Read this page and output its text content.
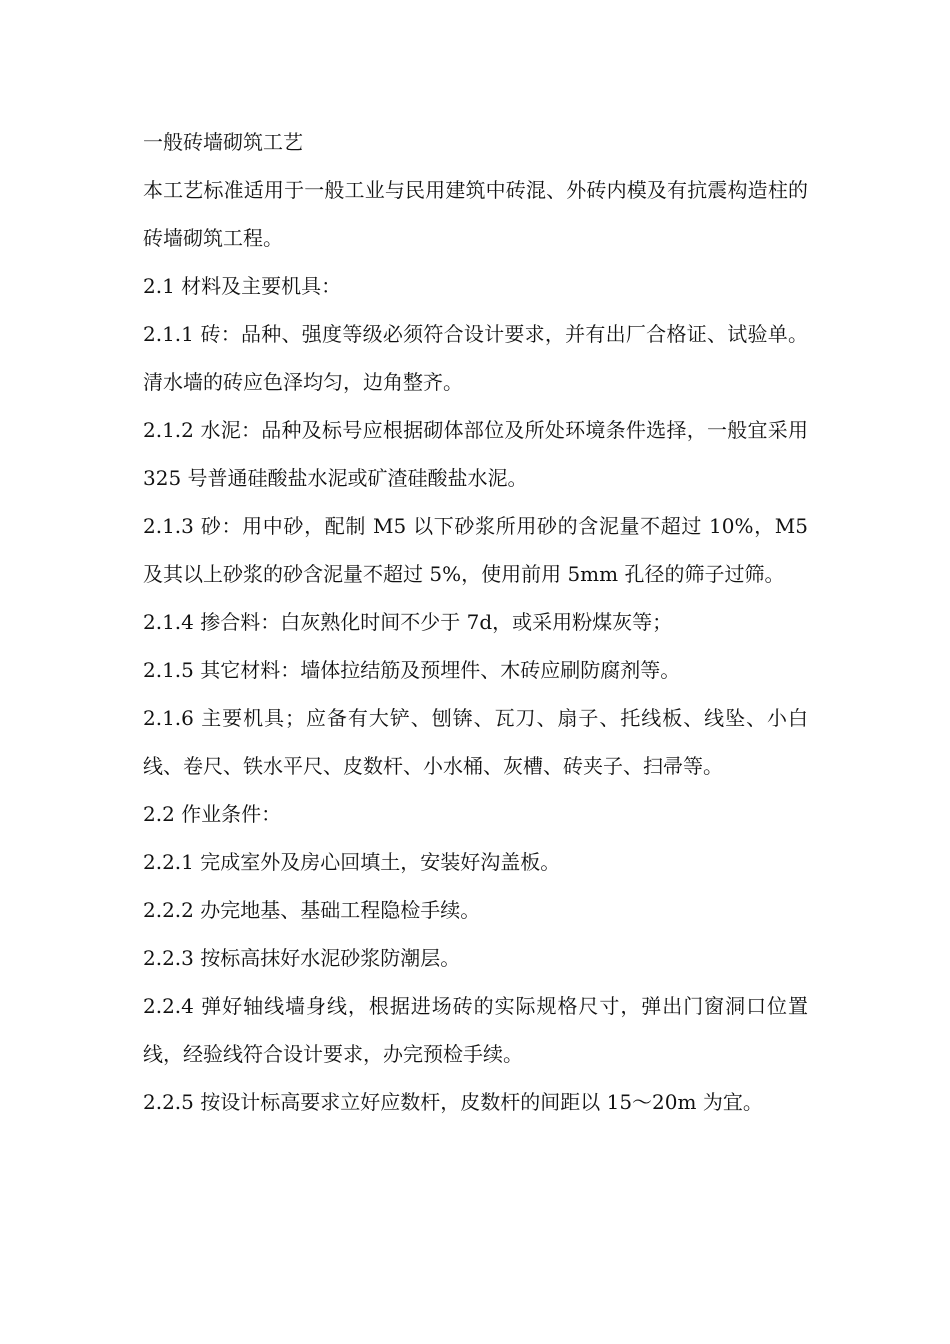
一般砖墙砌筑工艺

本工艺标准适用于一般工业与民用建筑中砖混、外砖内模及有抗震构造柱的砖墙砌筑工程。

2.1 材料及主要机具：

2.1.1 砖：品种、强度等级必须符合设计要求，并有出厂合格证、试验单。清水墙的砖应色泽均匀，边角整齐。

2.1.2 水泥：品种及标号应根据砌体部位及所处环境条件选择，一般宜采用 325 号普通硅酸盐水泥或矿渣硅酸盐水泥。

2.1.3 砂：用中砂，配制 M5 以下砂浆所用砂的含泥量不超过 10%，M5 及其以上砂浆的砂含泥量不超过 5%，使用前用 5mm 孔径的筛子过筛。

2.1.4 掺合料：白灰熟化时间不少于 7d，或采用粉煤灰等；

2.1.5 其它材料：墙体拉结筋及预埋件、木砖应刷防腐剂等。

2.1.6 主要机具；应备有大铲、刨锛、瓦刀、扇子、托线板、线坠、小白线、卷尺、铁水平尺、皮数杆、小水桶、灰槽、砖夹子、扫帚等。

2.2 作业条件：

2.2.1 完成室外及房心回填土，安装好沟盖板。

2.2.2 办完地基、基础工程隐检手续。

2.2.3 按标高抹好水泥砂浆防潮层。

2.2.4 弹好轴线墙身线，根据进场砖的实际规格尺寸，弹出门窗洞口位置线，经验线符合设计要求，办完预检手续。

2.2.5 按设计标高要求立好应数杆，皮数杆的间距以 15～20m 为宜。
